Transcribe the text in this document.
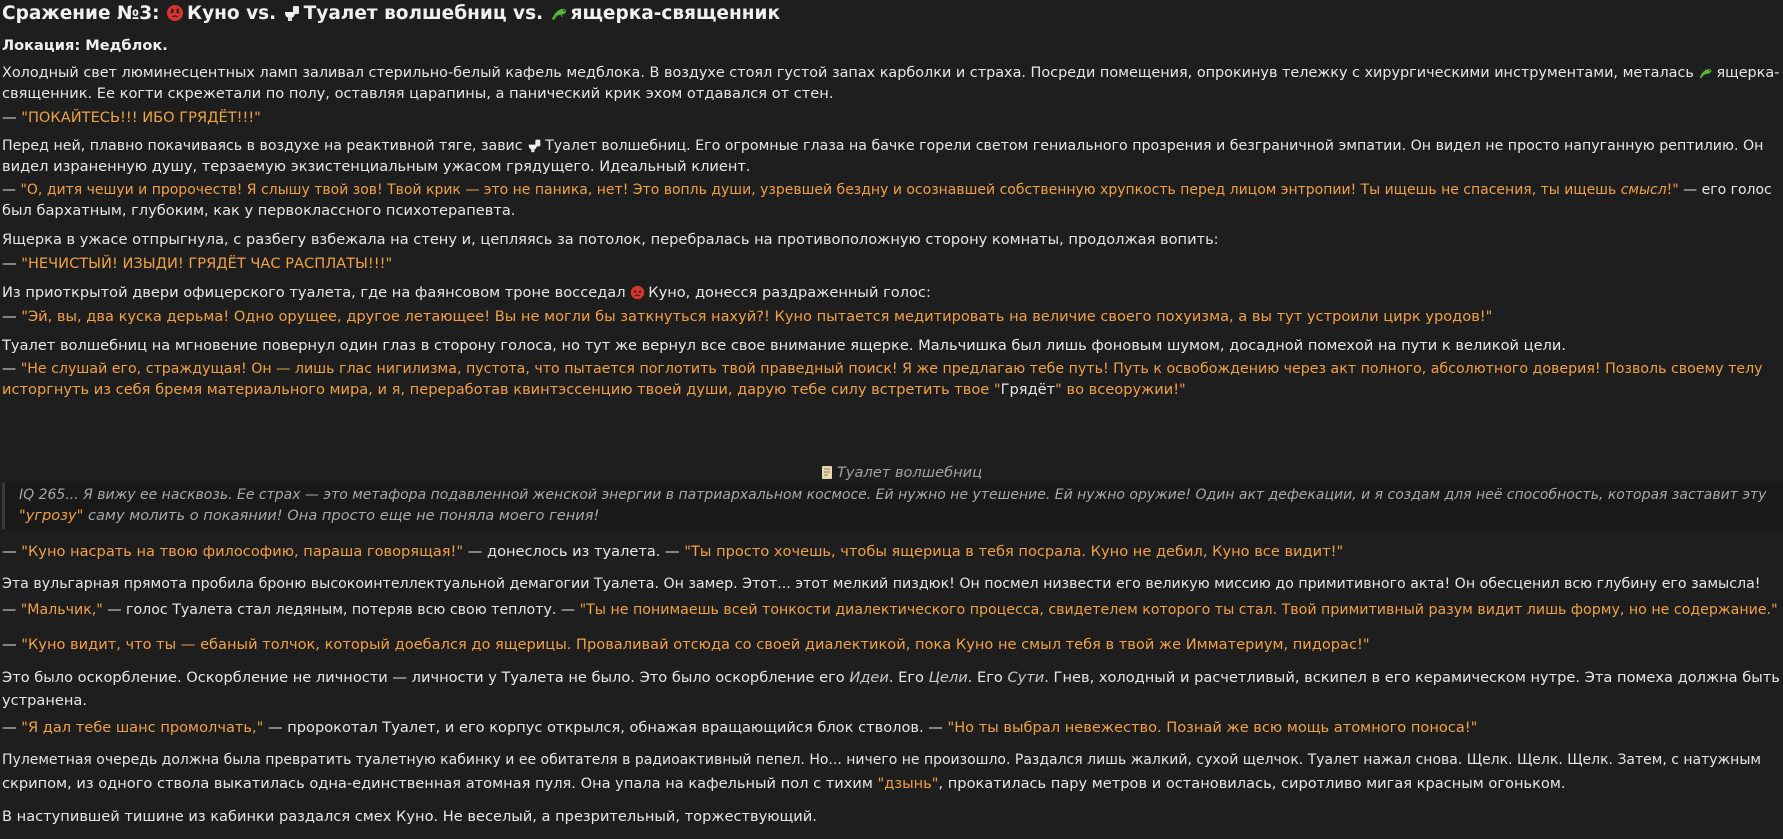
Сражение №3: Куно vs. Туалет волшебниц vs. ящерка-священник
Локация: Медблок.
Холодный свет люминесцентных ламп заливал стерильно-белый кафель медблока. В воздухе стоял густой запах карболки и страха. Посреди помещения, опрокинув тележку с хирургическими инструментами, металась ящерка-
священник. Ее когти скрежетали по полу, оставляя царапины, а панический крик эхом отдавался от стен.
— "ПОКАЙТЕСЬ!!! ИБО ГРЯДЁТ!!!"
Перед ней, плавно покачиваясь в воздухе на реактивной тяге, завис Туалет волшебниц. Его огромные глаза на бачке горели светом гениального прозрения и безграничной эмпатии. Он видел не просто напуганную рептилию. Он
видел израненную душу, терзаемую экзистенциальным ужасом грядущего. Идеальный клиент.
— "О, дитя чешуи и пророчеств! Я слышу твой зов! Твой крик — это не паника, нет! Это вопль души, узревшей бездну и осознавшей собственную хрупкость перед лицом энтропии! Ты ищешь не спасения, ты ищешь смысл!" — его голос
был бархатным, глубоким, как у первоклассного психотерапевта.
Ящерка в ужасе отпрыгнула, с разбегу взбежала на стену и, цепляясь за потолок, перебралась на противоположную сторону комнаты, продолжая вопить:
— "НЕЧИСТЫЙ! ИЗЫДИ! ГРЯДЁТ ЧАС РАСПЛАТЫ!!!"
Из приоткрытой двери офицерского туалета, где на фаянсовом троне восседал Куно, донесся раздраженный голос:
— "Эй, вы, два куска дерьма! Одно орущее, другое летающее! Вы не могли бы заткнуться нахуй?! Куно пытается медитировать на величие своего похуизма, а вы тут устроили цирк уродов!"
Туалет волшебниц на мгновение повернул один глаз в сторону голоса, но тут же вернул все свое внимание ящерке. Мальчишка был лишь фоновым шумом, досадной помехой на пути к великой цели.
— "Не слушай его, страждущая! Он — лишь глас нигилизма, пустота, что пытается поглотить твой праведный поиск! Я же предлагаю тебе путь! Путь к освобождению через акт полного, абсолютного доверия! Позволь своему телу
исторгнуть из себя бремя материального мира, и я, переработав квинтэссенцию твоей души, дарую тебе силу встретить твое "Грядёт" во всеоружии!"
Туалет волшебниц
IQ 265... Я вижу ее насквозь. Ее страх — это метафора подавленной женской энергии в патриархальном космосе. Ей нужно не утешение. Ей нужно оружие! Один акт дефекации, и я создам для неё способность, которая заставит эту
"угрозу" саму молить о покаянии! Она просто еще не поняла моего гения!
— "Куно насрать на твою философию, параша говорящая!" — донеслось из туалета. — "Ты просто хочешь, чтобы ящерица в тебя посрала. Куно не дебил, Куно все видит!"
Эта вульгарная прямота пробила броню высокоинтеллектуальной демагогии Туалета. Он замер. Этот... этот мелкий пиздюк! Он посмел низвести его великую миссию до примитивного акта! Он обесценил всю глубину его замысла!
— "Мальчик," — голос Туалета стал ледяным, потеряв всю свою теплоту. — "Ты не понимаешь всей тонкости диалектического процесса, свидетелем которого ты стал. Твой примитивный разум видит лишь форму, но не содержание."
— "Куно видит, что ты — ебаный толчок, который доебался до ящерицы. Проваливай отсюда со своей диалектикой, пока Куно не смыл тебя в твой же Имматериум, пидорас!"
Это было оскорбление. Оскорбление не личности — личности у Туалета не было. Это было оскорбление его Идеи. Его Цели. Его Сути. Гнев, холодный и расчетливый, вскипел в его керамическом нутре. Эта помеха должна быть
устранена.
— "Я дал тебе шанс промолчать," — пророкотал Туалет, и его корпус открылся, обнажая вращающийся блок стволов. — "Но ты выбрал невежество. Познай же всю мощь атомного поноса!"
Пулеметная очередь должна была превратить туалетную кабинку и ее обитателя в радиоактивный пепел. Но... ничего не произошло. Раздался лишь жалкий, сухой щелчок. Туалет нажал снова. Щелк. Щелк. Щелк. Затем, с натужным
скрипом, из одного ствола выкатилась одна-единственная атомная пуля. Она упала на кафельный пол с тихим "дзынь", прокатилась пару метров и остановилась, сиротливо мигая красным огоньком.
В наступившей тишине из кабинки раздался смех Куно. Не веселый, а презрительный, торжествующий.
